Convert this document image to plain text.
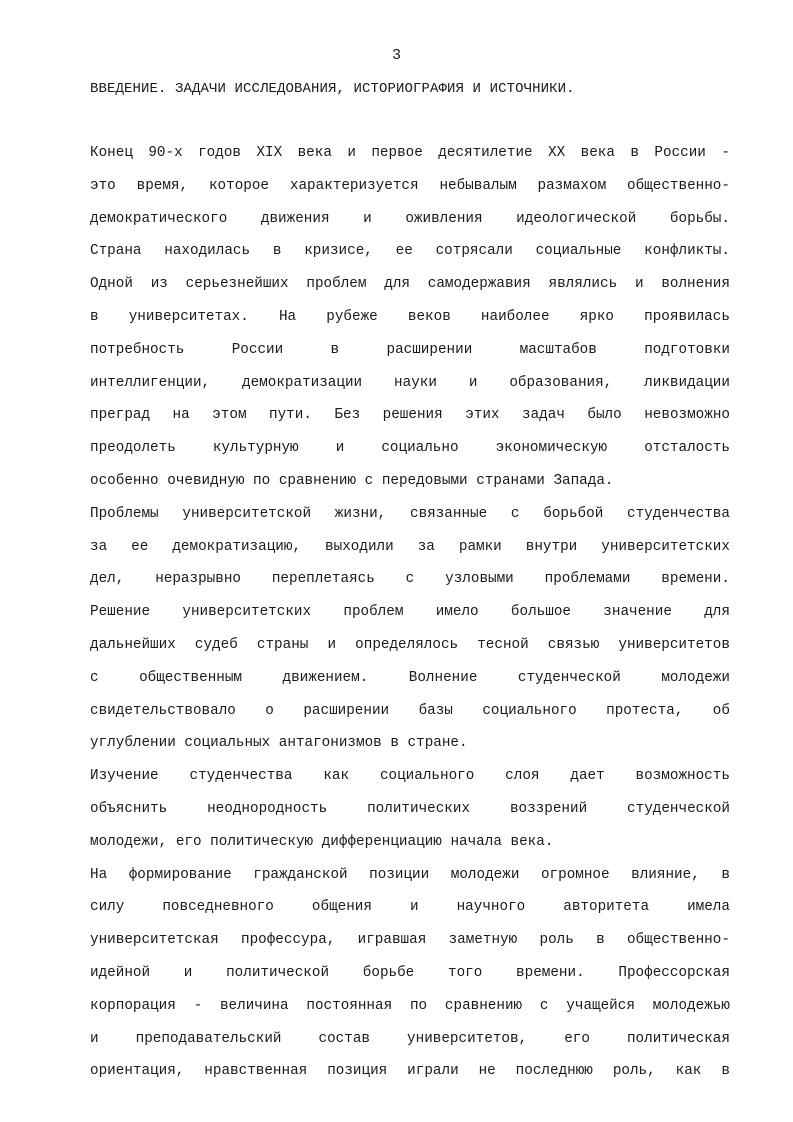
3
ВВЕДЕНИЕ. ЗАДАЧИ ИССЛЕДОВАНИЯ, ИСТОРИОГРАФИЯ И ИСТОЧНИКИ.
Конец 90-х годов XIX века и первое десятилетие XX века в России -
это время, которое характеризуется небывалым размахом общественно-
демократического движения и оживления идеологической борьбы.
Страна находилась в кризисе, ее сотрясали социальные конфликты.
Одной из серьезнейших проблем для самодержавия являлись и волнения
в университетах. На рубеже веков наиболее ярко проявилась
потребность	России	в	расширении	масштабов	подготовки
интеллигенции, демократизации науки и образования, ликвидации
преград на этом пути. Без решения этих задач было невозможно
преодолеть	культурную	и	социально	экономическую	отсталость
особенно очевидную по сравнению с передовыми странами Запада.
Проблемы университетской жизни, связанные с борьбой студенчества
за ее демократизацию, выходили за рамки внутри университетских
дел, неразрывно переплетаясь с узловыми проблемами времени.
Решение университетских проблем имело большое значение для
дальнейших судеб страны и определялось тесной связью университетов
с	общественным	движением.	Волнение	студенческой	молодежи
свидетельствовало о расширении базы социального протеста, об
углублении социальных антагонизмов в стране.
Изучение студенчества как социального слоя дает возможность
объяснить	неоднородность	политических	воззрений	студенческой
молодежи, его политическую дифференциацию начала века.
На формирование гражданской позиции молодежи огромное влияние, в
силу	повседневного	общения	и	научного	авторитета	имела
университетская профессура, игравшая заметную роль в общественно-
идейной и политической борьбе того времени. Профессорская
корпорация - величина постоянная по сравнению с учащейся молодежью
и	преподавательский	состав	университетов,	его	политическая
ориентация, нравственная позиция играли не последнюю роль, как в
